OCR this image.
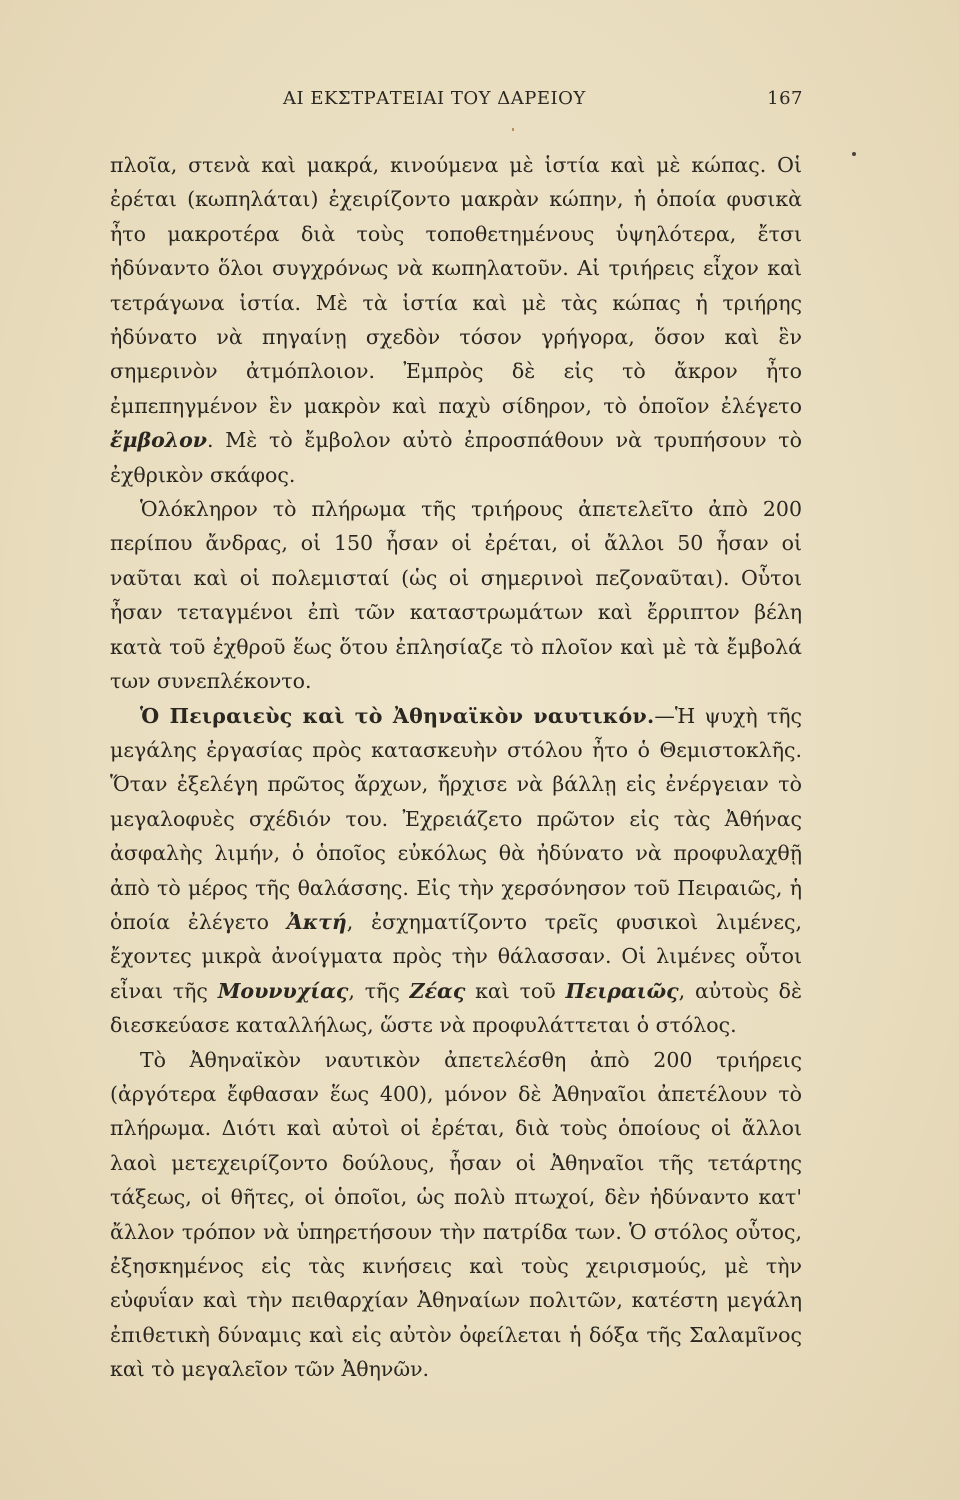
ΑΙ ΕΚΣΤΡΑΤΕΙΑΙ ΤΟΥ ΔΑΡΕΙΟΥ	167

πλοῖα, στενὰ καὶ μακρά, κινούμενα μὲ ἱστία καὶ μὲ κώπας. Οἱ ἐρέται (κωπηλάται) ἐχειρίζοντο μακρὰν κώπην, ἡ ὁποία φυσικὰ ἦτο μακροτέρα διὰ τοὺς τοποθετημένους ὑψηλότερα, ἔτσι ἠδύναντο ὅλοι συγχρόνως νὰ κωπηλατοῦν. Αἱ τριήρεις εἶχον καὶ τετράγωνα ἱστία. Μὲ τὰ ἱστία καὶ μὲ τὰς κώπας ἡ τριήρης ἠδύνατο νὰ πηγαίνῃ σχεδὸν τόσον γρήγορα, ὅσον καὶ ἓν σημερινὸν ἀτμόπλοιον. Ἐμπρὸς δὲ εἰς τὸ ἄκρον ἦτο ἐμπεπηγμένον ἓν μακρὸν καὶ παχὺ σίδηρον, τὸ ὁποῖον ἐλέγετο ἔμβολον. Μὲ τὸ ἔμβολον αὐτὸ ἐπροσπάθουν νὰ τρυπήσουν τὸ ἐχθρικὸν σκάφος.

Ὁλόκληρον τὸ πλήρωμα τῆς τριήρους ἀπετελεῖτο ἀπὸ 200 περίπου ἄνδρας, οἱ 150 ἦσαν οἱ ἐρέται, οἱ ἄλλοι 50 ἦσαν οἱ ναῦται καὶ οἱ πολεμισταί (ὡς οἱ σημερινοὶ πεζοναῦται). Οὗτοι ἦσαν τεταγμένοι ἐπὶ τῶν καταστρωμάτων καὶ ἔρριπτον βέλη κατὰ τοῦ ἐχθροῦ ἕως ὅτου ἐπλησίαζε τὸ πλοῖον καὶ μὲ τὰ ἔμβολά των συνεπλέκοντο.

Ὁ Πειραιεὺς καὶ τὸ Ἀθηναϊκὸν ναυτικόν.—Ἡ ψυχὴ τῆς μεγάλης ἐργασίας πρὸς κατασκευὴν στόλου ἦτο ὁ Θεμιστοκλῆς. Ὅταν ἐξελέγη πρῶτος ἄρχων, ἤρχισε νὰ βάλλῃ εἰς ἐνέργειαν τὸ μεγαλοφυὲς σχέδιόν του. Ἐχρειάζετο πρῶτον εἰς τὰς Ἀθήνας ἀσφαλὴς λιμήν, ὁ ὁποῖος εὐκόλως θὰ ἠδύνατο νὰ προφυλαχθῇ ἀπὸ τὸ μέρος τῆς θαλάσσης. Εἰς τὴν χερσόνησον τοῦ Πειραιῶς, ἡ ὁποία ἐλέγετο Ἀκτή, ἐσχηματίζοντο τρεῖς φυσικοὶ λιμένες, ἔχοντες μικρὰ ἀνοίγματα πρὸς τὴν θάλασσαν. Οἱ λιμένες οὗτοι εἶναι τῆς Μουνυχίας, τῆς Ζέας καὶ τοῦ Πειραιῶς, αὐτοὺς δὲ διεσκεύασε καταλλήλως, ὥστε νὰ προφυλάττεται ὁ στόλος.

Τὸ Ἀθηναϊκὸν ναυτικὸν ἀπετελέσθη ἀπὸ 200 τριήρεις (ἀργότερα ἔφθασαν ἕως 400), μόνον δὲ Ἀθηναῖοι ἀπετέλουν τὸ πλήρωμα. Διότι καὶ αὐτοὶ οἱ ἐρέται, διὰ τοὺς ὁποίους οἱ ἄλλοι λαοὶ μετεχειρίζοντο δούλους, ἦσαν οἱ Ἀθηναῖοι τῆς τετάρτης τάξεως, οἱ θῆτες, οἱ ὁποῖοι, ὡς πολὺ πτωχοί, δὲν ἠδύναντο κατ' ἄλλον τρόπον νὰ ὑπηρετήσουν τὴν πατρίδα των. Ὁ στόλος οὗτος, ἐξησκημένος εἰς τὰς κινήσεις καὶ τοὺς χειρισμούς, μὲ τὴν εὐφυΐαν καὶ τὴν πειθαρχίαν Ἀθηναίων πολιτῶν, κατέστη μεγάλη ἐπιθετικὴ δύναμις καὶ εἰς αὐτὸν ὀφείλεται ἡ δόξα τῆς Σαλαμῖνος καὶ τὸ μεγαλεῖον τῶν Ἀθηνῶν.
